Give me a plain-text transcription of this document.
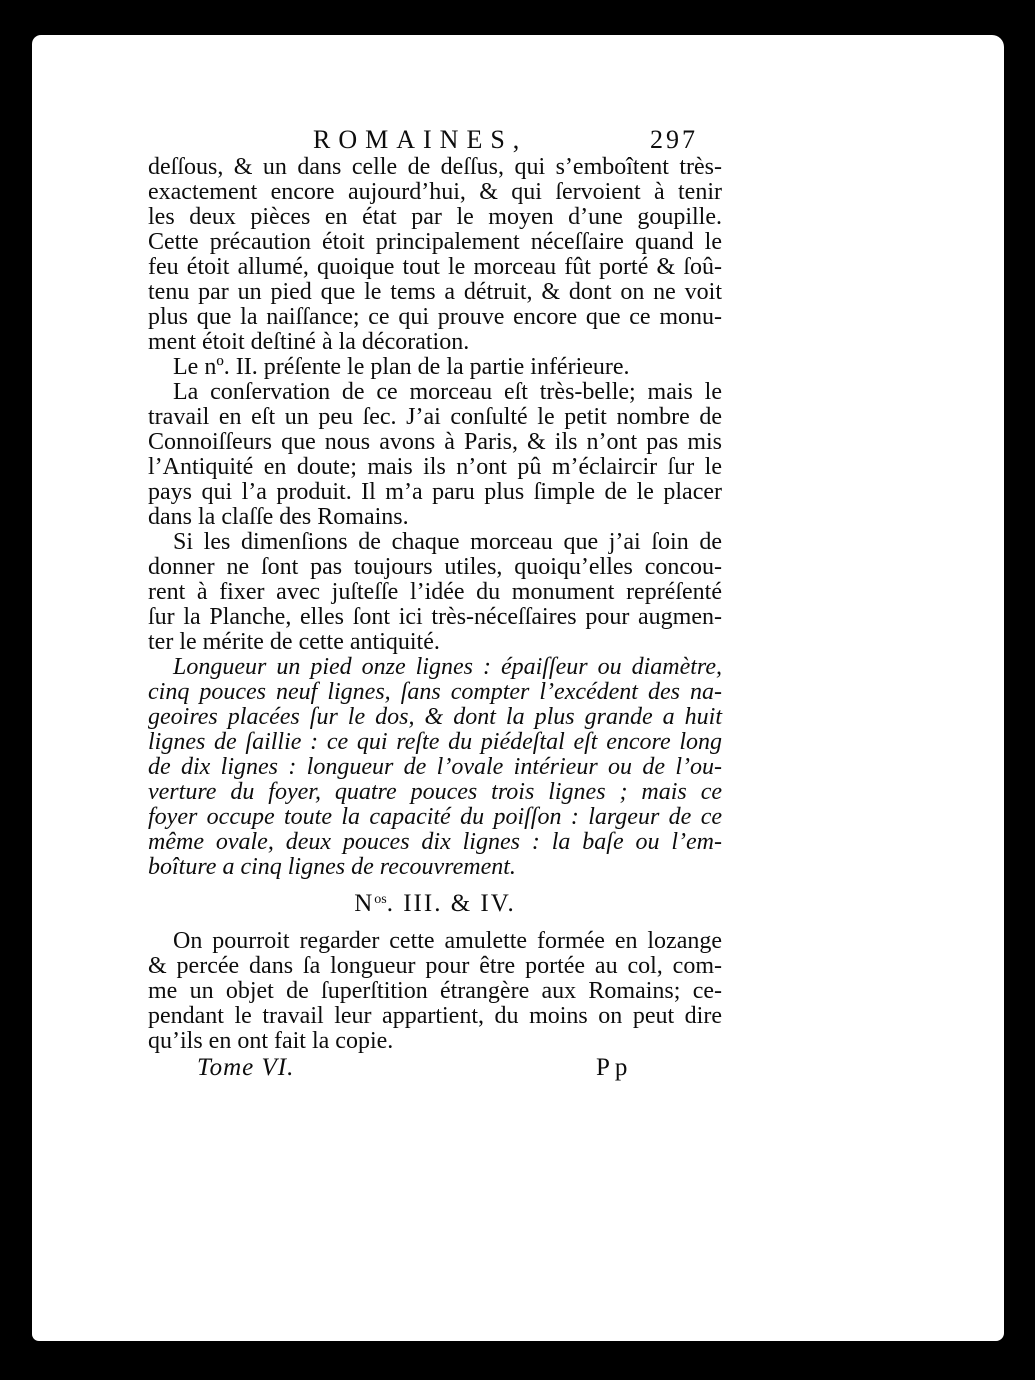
ROMAINES,	297
deſſous, & un dans celle de deſſus, qui s’emboîtent très-
exactement encore aujourd’hui, & qui ſervoient à tenir
les deux pièces en état par le moyen d’une goupille.
Cette précaution étoit principalement néceſſaire quand le
feu étoit allumé, quoique tout le morceau fût porté & ſoû-
tenu par un pied que le tems a détruit, & dont on ne voit
plus que la naiſſance; ce qui prouve encore que ce monu-
ment étoit deſtiné à la décoration.
Le nº. II. préſente le plan de la partie inférieure.
La conſervation de ce morceau eſt très-belle; mais le
travail en eſt un peu ſec. J’ai conſulté le petit nombre de
Connoiſſeurs que nous avons à Paris, & ils n’ont pas mis
l’Antiquité en doute; mais ils n’ont pû m’éclaircir ſur le
pays qui l’a produit. Il m’a paru plus ſimple de le placer
dans la claſſe des Romains.
Si les dimenſions de chaque morceau que j’ai ſoin de
donner ne ſont pas toujours utiles, quoiqu’elles concou-
rent à fixer avec juſteſſe l’idée du monument repréſenté
ſur la Planche, elles ſont ici très-néceſſaires pour augmen-
ter le mérite de cette antiquité.
Longueur un pied onze lignes : épaiſſeur ou diamètre,
cinq pouces neuf lignes, ſans compter l’excédent des na-
geoires placées ſur le dos, & dont la plus grande a huit
lignes de ſaillie : ce qui reſte du piédeſtal eſt encore long
de dix lignes : longueur de l’ovale intérieur ou de l’ou-
verture du foyer, quatre pouces trois lignes ; mais ce
foyer occupe toute la capacité du poiſſon : largeur de ce
même ovale, deux pouces dix lignes : la baſe ou l’em-
boîture a cinq lignes de recouvrement.
$N^{os}$. III. & IV.
On pourroit regarder cette amulette formée en lozange
& percée dans ſa longueur pour être portée au col, com-
me un objet de ſuperſtition étrangère aux Romains; ce-
pendant le travail leur appartient, du moins on peut dire
qu’ils en ont fait la copie.
Tome VI.	Pp
